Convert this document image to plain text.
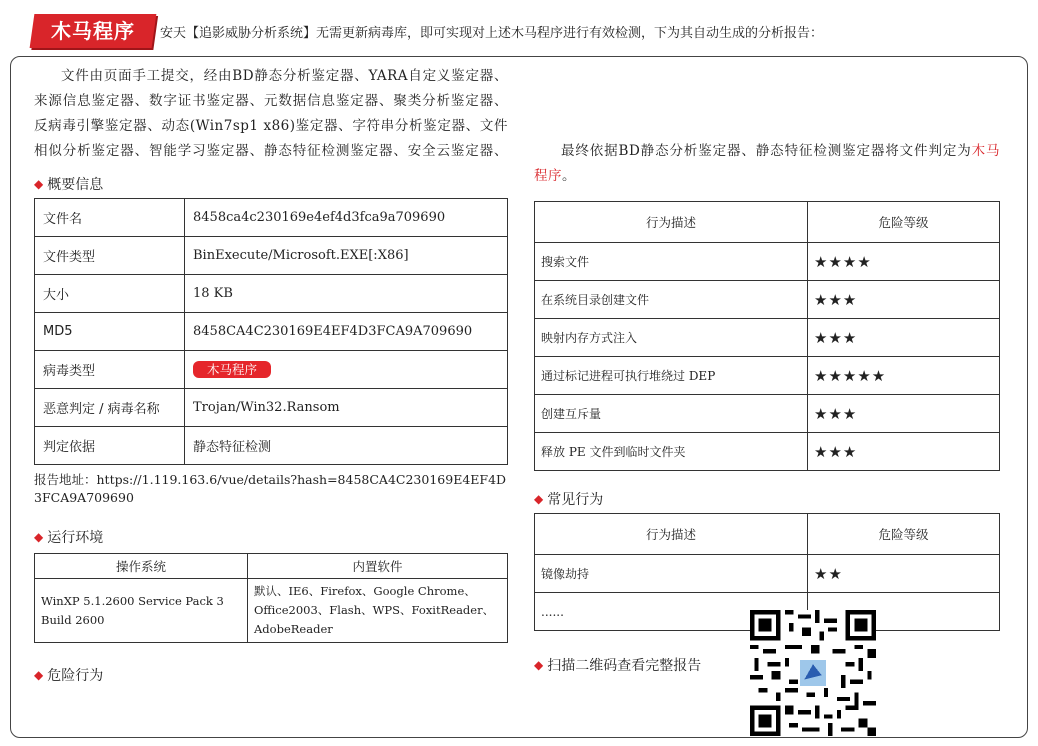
木马程序	安天【追影威胁分析系统】无需更新病毒库，即可实现对上述木马程序进行有效检测，下为其自动生成的分析报告：

文件由页面手工提交，经由BD静态分析鉴定器、YARA自定义鉴定器、来源信息鉴定器、数字证书鉴定器、元数据信息鉴定器、聚类分析鉴定器、反病毒引擎鉴定器、动态(Win7sp1 x86)鉴定器、字符串分析鉴定器、文件相似分析鉴定器、智能学习鉴定器、静态特征检测鉴定器、安全云鉴定器、

◆ 概要信息

文件名	8458ca4c230169e4ef4d3fca9a709690
文件类型	BinExecute/Microsoft.EXE[:X86]
大小	18 KB
MD5	8458CA4C230169E4EF4D3FCA9A709690
病毒类型	木马程序
恶意判定 / 病毒名称	Trojan/Win32.Ransom
判定依据	静态特征检测

报告地址：https://1.119.163.6/vue/details?hash=8458CA4C230169E4EF4D3FCA9A709690

◆ 运行环境

操作系统	内置软件
WinXP 5.1.2600 Service Pack 3 Build 2600	默认、IE6、Firefox、Google Chrome、Office2003、Flash、WPS、FoxitReader、AdobeReader

◆ 危险行为

最终依据BD静态分析鉴定器、静态特征检测鉴定器将文件判定为木马程序。

行为描述	危险等级
搜索文件	★★★★
在系统目录创建文件	★★★
映射内存方式注入	★★★
通过标记进程可执行堆绕过 DEP	★★★★★
创建互斥量	★★★
释放 PE 文件到临时文件夹	★★★

◆ 常见行为

行为描述	危险等级
镜像劫持	★★
......	

◆ 扫描二维码查看完整报告
